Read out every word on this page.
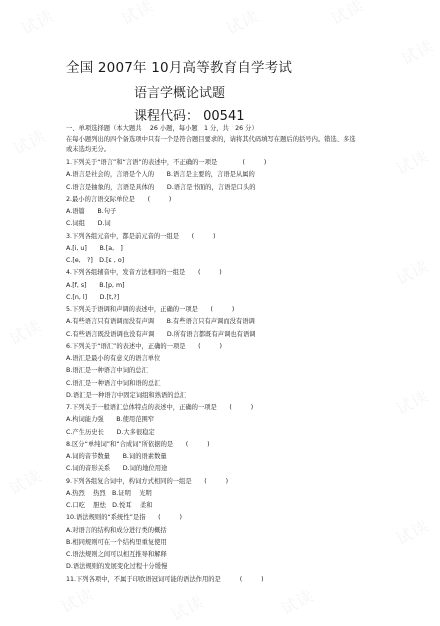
全国 2007年 10月高等教育自学考试
语言学概论试题
课程代码： 00541

一、单项选择题（本大题共　 26 小题，每小题　1 分，共　26 分）

在每小题列出的四个备选项中只有一个是符合题目要求的，请将其代码填写在题后的括号内。错选、多选

或未选均无分。

1.下列关于“语言”和“言语”的表述中，不正确的一项是　　　　(　　　)

A.语言是社会的，言语是个人的　　B.语言是主要的，言语是从属的

C.语言是抽象的，言语是具体的　　D.语言是书面的，言语是口头的

2.最小的言语交际单位是　　(　　　)

A.语篇　　B.句子

C.词组　　D.词

3.下列各组元音中，都是前元音的一组是　　(　　　)

A.[i, u]　　B.[a,　]

C.[e,　?]　D.[ε , o]

4.下列各组辅音中，发音方法相同的一组是　　(　　　)

A.[f, s]　　B.[p, m]

C.[n, l]　　D.[t,?]

5.下列关于语调和声调的表述中，正确的一项是　　(　　　)

A.有些语言只有语调而没有声调　　B.有些语言只有声调而没有语调

C.有些语言既没语调也没有声调　　D.所有语言都既有声调也有语调

6.下列关于“语汇”的表述中，正确的一项是　　(　　　)

A.语汇是最小的有意义的语言单位

B.语汇是一种语言中词的总汇

C.语汇是一种语言中词和语的总汇

D.语汇是一种语言中固定词组和熟语的总汇

7.下列关于一般语汇总体特点的表述中，正确的一项是　　(　　　)

A.构词能力强　　B.使用范围窄

C.产生历史长　　D.大多很稳定

8.区分“单纯词”和“合成词”所依据的是　　(　　　)

A.词的音节数量　　B.词的语素数量

C.词的音形关系　　D.词的地位用途

9.下列各组复合词中，构词方式相同的一组是　　(　　　)

A.热烈　 热烈　B.证明　 光明

C.口吃　 胆怯　D.悦耳　 柔和

10.语法规则的“系统性”是指　　(　　　)

A.对语言的结构和成分进行类的概括

B.相同规则可在一个结构里重复使用

C.语法规则之间可以相互推导和解释

D.语法规则的发展变化过程十分缓慢

11.下列各项中，不属于印欧语冠词可能的语法作用的是　　　(　　　)
